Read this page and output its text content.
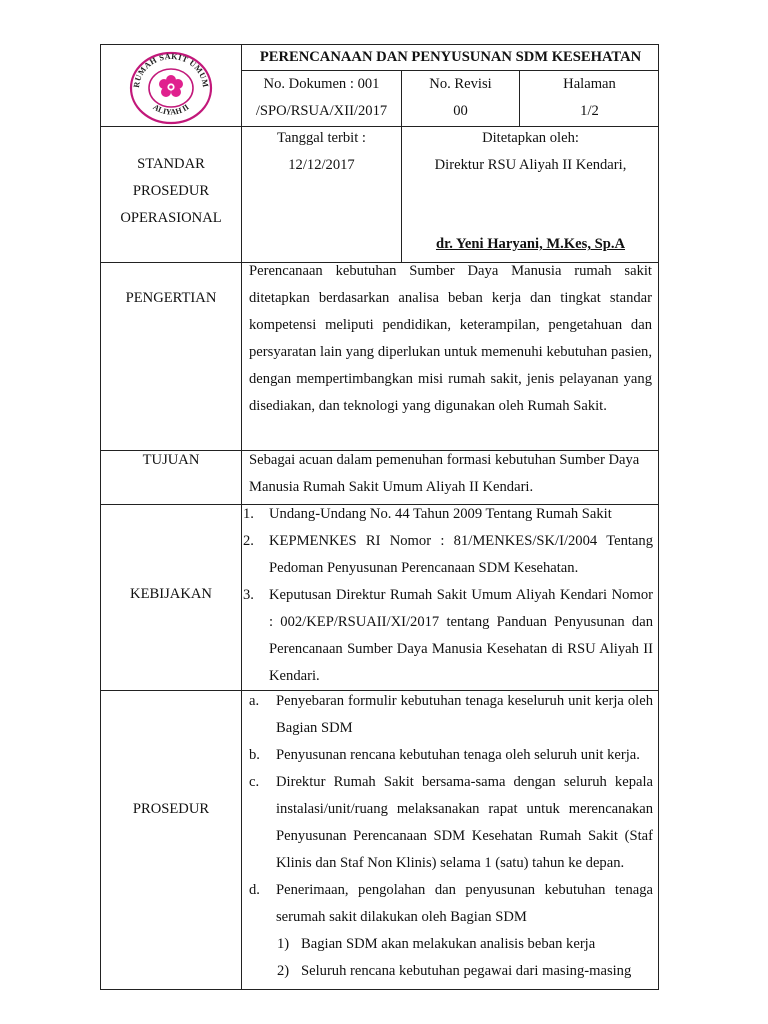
RUMAH SAKIT UMUM
ALIYAH II
PERENCANAAN DAN PENYUSUNAN SDM KESEHATAN
No. Dokumen : 001
/SPO/RSUA/XII/2017
No. Revisi
00
Halaman
1/2
STANDAR
PROSEDUR
OPERASIONAL
Tanggal terbit :
12/12/2017
Ditetapkan oleh:
Direktur RSU Aliyah II Kendari,
dr. Yeni Haryani, M.Kes, Sp.A
PENGERTIAN
Perencanaan kebutuhan Sumber Daya Manusia rumah sakit ditetapkan berdasarkan analisa beban kerja dan tingkat standar kompetensi meliputi pendidikan, keterampilan, pengetahuan dan persyaratan lain yang diperlukan untuk memenuhi kebutuhan pasien, dengan mempertimbangkan misi rumah sakit, jenis pelayanan yang disediakan, dan teknologi yang digunakan oleh Rumah Sakit.
TUJUAN	Sebagai acuan dalam pemenuhan formasi kebutuhan Sumber Daya Manusia Rumah Sakit Umum Aliyah II Kendari.
KEBIJAKAN
1. Undang-Undang No. 44 Tahun 2009 Tentang Rumah Sakit
2. KEPMENKES RI Nomor : 81/MENKES/SK/I/2004 Tentang Pedoman Penyusunan Perencanaan SDM Kesehatan.
3. Keputusan Direktur Rumah Sakit Umum Aliyah Kendari Nomor : 002/KEP/RSUAII/XI/2017 tentang Panduan Penyusunan dan Perencanaan Sumber Daya Manusia Kesehatan di RSU Aliyah II Kendari.
PROSEDUR
a. Penyebaran formulir kebutuhan tenaga keseluruh unit kerja oleh Bagian SDM
b. Penyusunan rencana kebutuhan tenaga oleh seluruh unit kerja.
c. Direktur Rumah Sakit bersama-sama dengan seluruh kepala instalasi/unit/ruang melaksanakan rapat untuk merencanakan Penyusunan Perencanaan SDM Kesehatan Rumah Sakit (Staf Klinis dan Staf Non Klinis) selama 1 (satu) tahun ke depan.
d. Penerimaan, pengolahan dan penyusunan kebutuhan tenaga serumah sakit dilakukan oleh Bagian SDM
1) Bagian SDM akan melakukan analisis beban kerja
2) Seluruh rencana kebutuhan pegawai dari masing-masing
